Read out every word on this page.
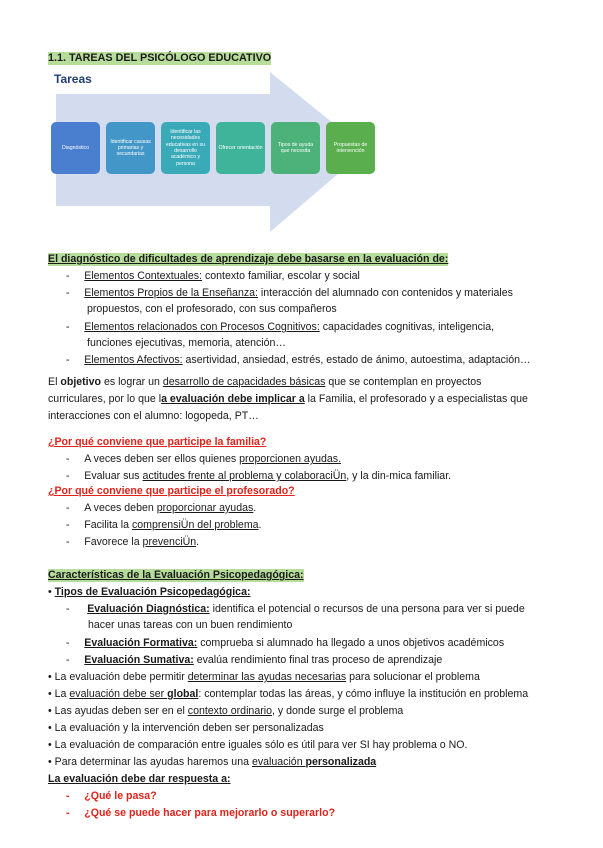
1.1. TAREAS DEL PSICÓLOGO EDUCATIVO
Tareas
Diagnóstico
Identificar causas primarias y secundarias
Identificar las necesidades educativas en su desarrollo académico y persona
Ofrecer orientación
Tipos de ayuda que necesita
Propuestas de intervención
El diagnóstico de dificultades de aprendizaje debe basarse en la evaluación de:
-     Elementos Contextuales: contexto familiar, escolar y social
-     Elementos Propios de la Enseñanza: interacción del alumnado con contenidos y materiales
propuestos, con el profesorado, con sus compañeros
-     Elementos relacionados con Procesos Cognitivos: capacidades cognitivas, inteligencia,
funciones ejecutivas, memoria, atención…
-     Elementos Afectivos: asertividad, ansiedad, estrés, estado de ánimo, autoestima, adaptación…
El objetivo es lograr un desarrollo de capacidades básicas que se contemplan en proyectos
curriculares, por lo que la evaluación debe implicar a la Familia, el profesorado y a especialistas que
interacciones con el alumno: logopeda, PT…
¿Por qué conviene que participe la familia?
-     A veces deben ser ellos quienes proporcionen ayudas.
-     Evaluar sus actitudes frente al problema y colaboraciÜn, y la din-mica familiar.
¿Por qué conviene que participe el profesorado?
-     A veces deben proporcionar ayudas.
-     Facilita la comprensiÜn del problema.
-     Favorece la prevenciÜn.
Características de la Evaluación Psicopedagógica:
• Tipos de Evaluación Psicopedagógica:
-      Evaluación Diagnóstica: identifica el potencial o recursos de una persona para ver si puede
hacer unas tareas con un buen rendimiento
-     Evaluación Formativa: comprueba si alumnado ha llegado a unos objetivos académicos
-     Evaluación Sumativa: evalúa rendimiento final tras proceso de aprendizaje
• La evaluación debe permitir determinar las ayudas necesarias para solucionar el problema
• La evaluación debe ser global: contemplar todas las áreas, y cómo influye la institución en problema
• Las ayudas deben ser en el contexto ordinario, y donde surge el problema
• La evaluación y la intervención deben ser personalizadas
• La evaluación de comparación entre iguales sólo es útil para ver SI hay problema o NO.
• Para determinar las ayudas haremos una evaluación personalizada
La evaluación debe dar respuesta a:
-     ¿Qué le pasa?
-     ¿Qué se puede hacer para mejorarlo o superarlo?
